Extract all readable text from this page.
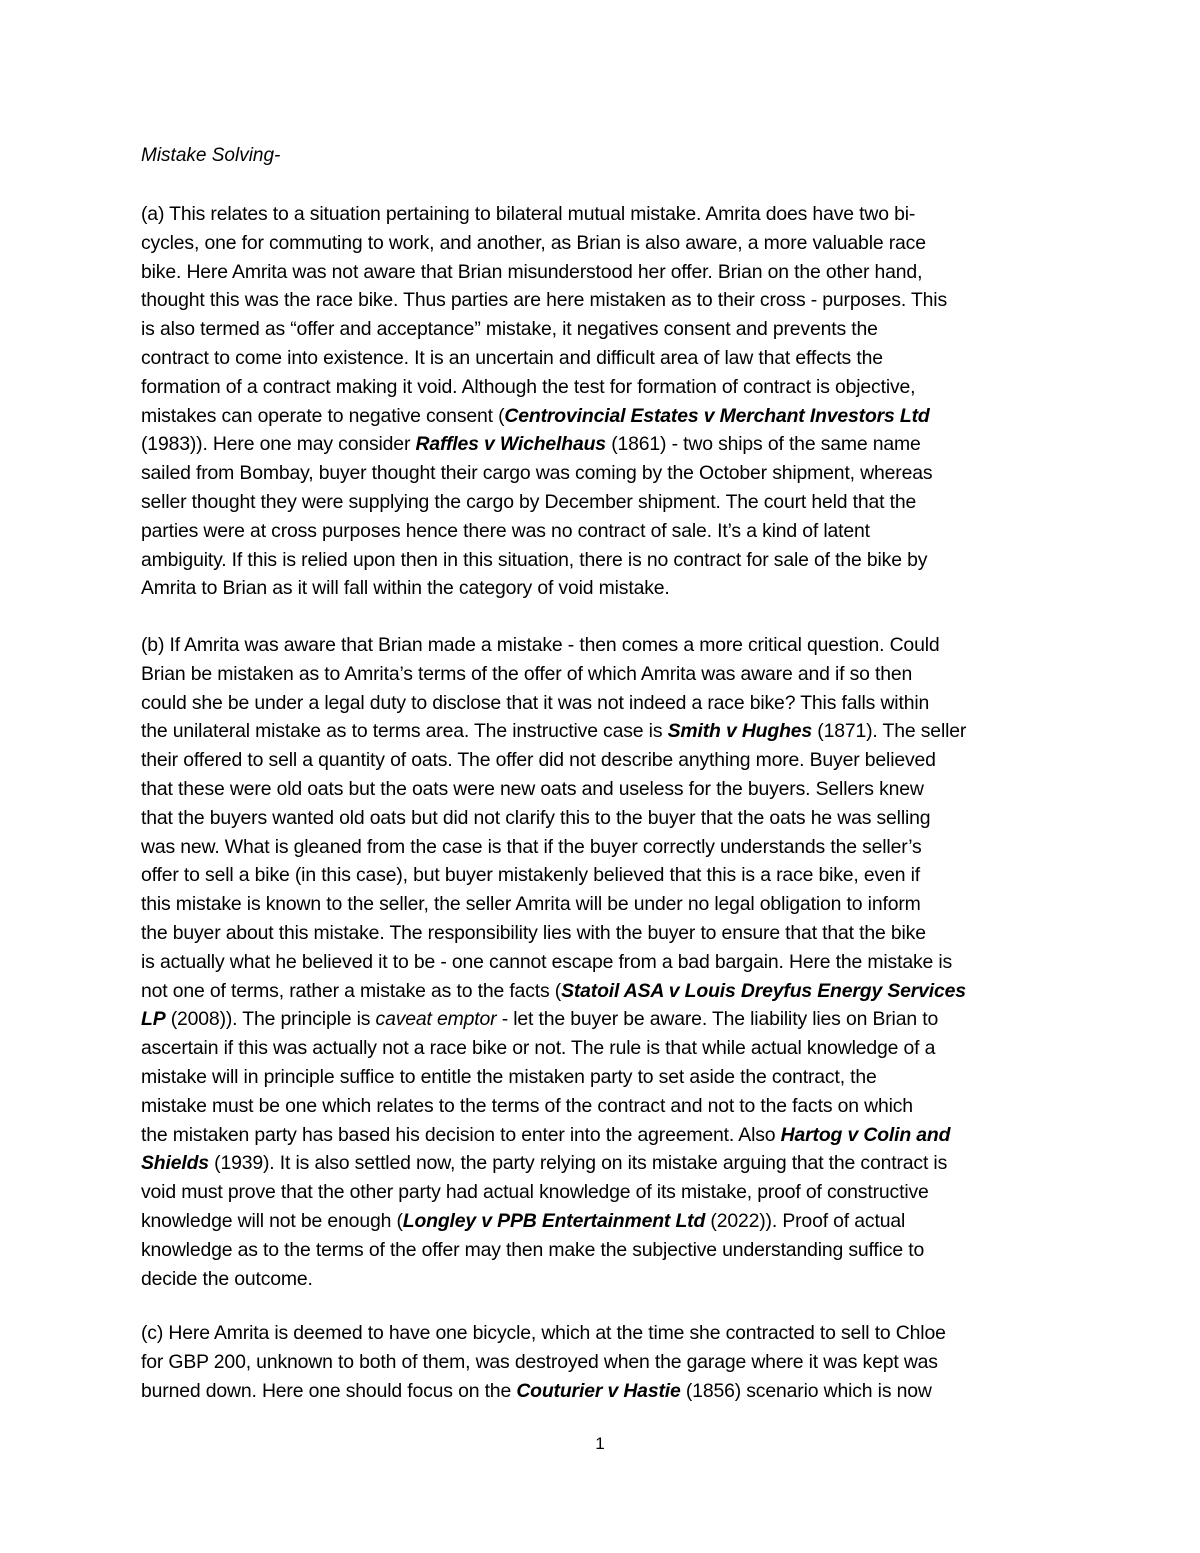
Mistake Solving-
(a) This relates to a situation pertaining to bilateral mutual mistake. Amrita does have two bi-
cycles, one for commuting to work, and another, as Brian is also aware, a more valuable race
bike. Here Amrita was not aware that Brian misunderstood her offer. Brian on the other hand,
thought this was the race bike. Thus parties are here mistaken as to their cross - purposes. This
is also termed as “offer and acceptance” mistake, it negatives consent and prevents the
contract to come into existence. It is an uncertain and difficult area of law that effects the
formation of a contract making it void. Although the test for formation of contract is objective,
mistakes can operate to negative consent (Centrovincial Estates v Merchant Investors Ltd
(1983)). Here one may consider Raffles v Wichelhaus (1861) - two ships of the same name
sailed from Bombay, buyer thought their cargo was coming by the October shipment, whereas
seller thought they were supplying the cargo by December shipment. The court held that the
parties were at cross purposes hence there was no contract of sale. It’s a kind of latent
ambiguity. If this is relied upon then in this situation, there is no contract for sale of the bike by
Amrita to Brian as it will fall within the category of void mistake.
(b) If Amrita was aware that Brian made a mistake - then comes a more critical question. Could
Brian be mistaken as to Amrita’s terms of the offer of which Amrita was aware and if so then
could she be under a legal duty to disclose that it was not indeed a race bike? This falls within
the unilateral mistake as to terms area. The instructive case is Smith v Hughes (1871). The seller
their offered to sell a quantity of oats. The offer did not describe anything more. Buyer believed
that these were old oats but the oats were new oats and useless for the buyers. Sellers knew
that the buyers wanted old oats but did not clarify this to the buyer that the oats he was selling
was new. What is gleaned from the case is that if the buyer correctly understands the seller’s
offer to sell a bike (in this case), but buyer mistakenly believed that this is a race bike, even if
this mistake is known to the seller, the seller Amrita will be under no legal obligation to inform
the buyer about this mistake. The responsibility lies with the buyer to ensure that that the bike
is actually what he believed it to be - one cannot escape from a bad bargain. Here the mistake is
not one of terms, rather a mistake as to the facts (Statoil ASA v Louis Dreyfus Energy Services
LP (2008)). The principle is caveat emptor - let the buyer be aware. The liability lies on Brian to
ascertain if this was actually not a race bike or not. The rule is that while actual knowledge of a
mistake will in principle suffice to entitle the mistaken party to set aside the contract, the
mistake must be one which relates to the terms of the contract and not to the facts on which
the mistaken party has based his decision to enter into the agreement. Also Hartog v Colin and
Shields (1939). It is also settled now, the party relying on its mistake arguing that the contract is
void must prove that the other party had actual knowledge of its mistake, proof of constructive
knowledge will not be enough (Longley v PPB Entertainment Ltd (2022)). Proof of actual
knowledge as to the terms of the offer may then make the subjective understanding suffice to
decide the outcome.
(c) Here Amrita is deemed to have one bicycle, which at the time she contracted to sell to Chloe
for GBP 200, unknown to both of them, was destroyed when the garage where it was kept was
burned down. Here one should focus on the Couturier v Hastie (1856) scenario which is now
1
